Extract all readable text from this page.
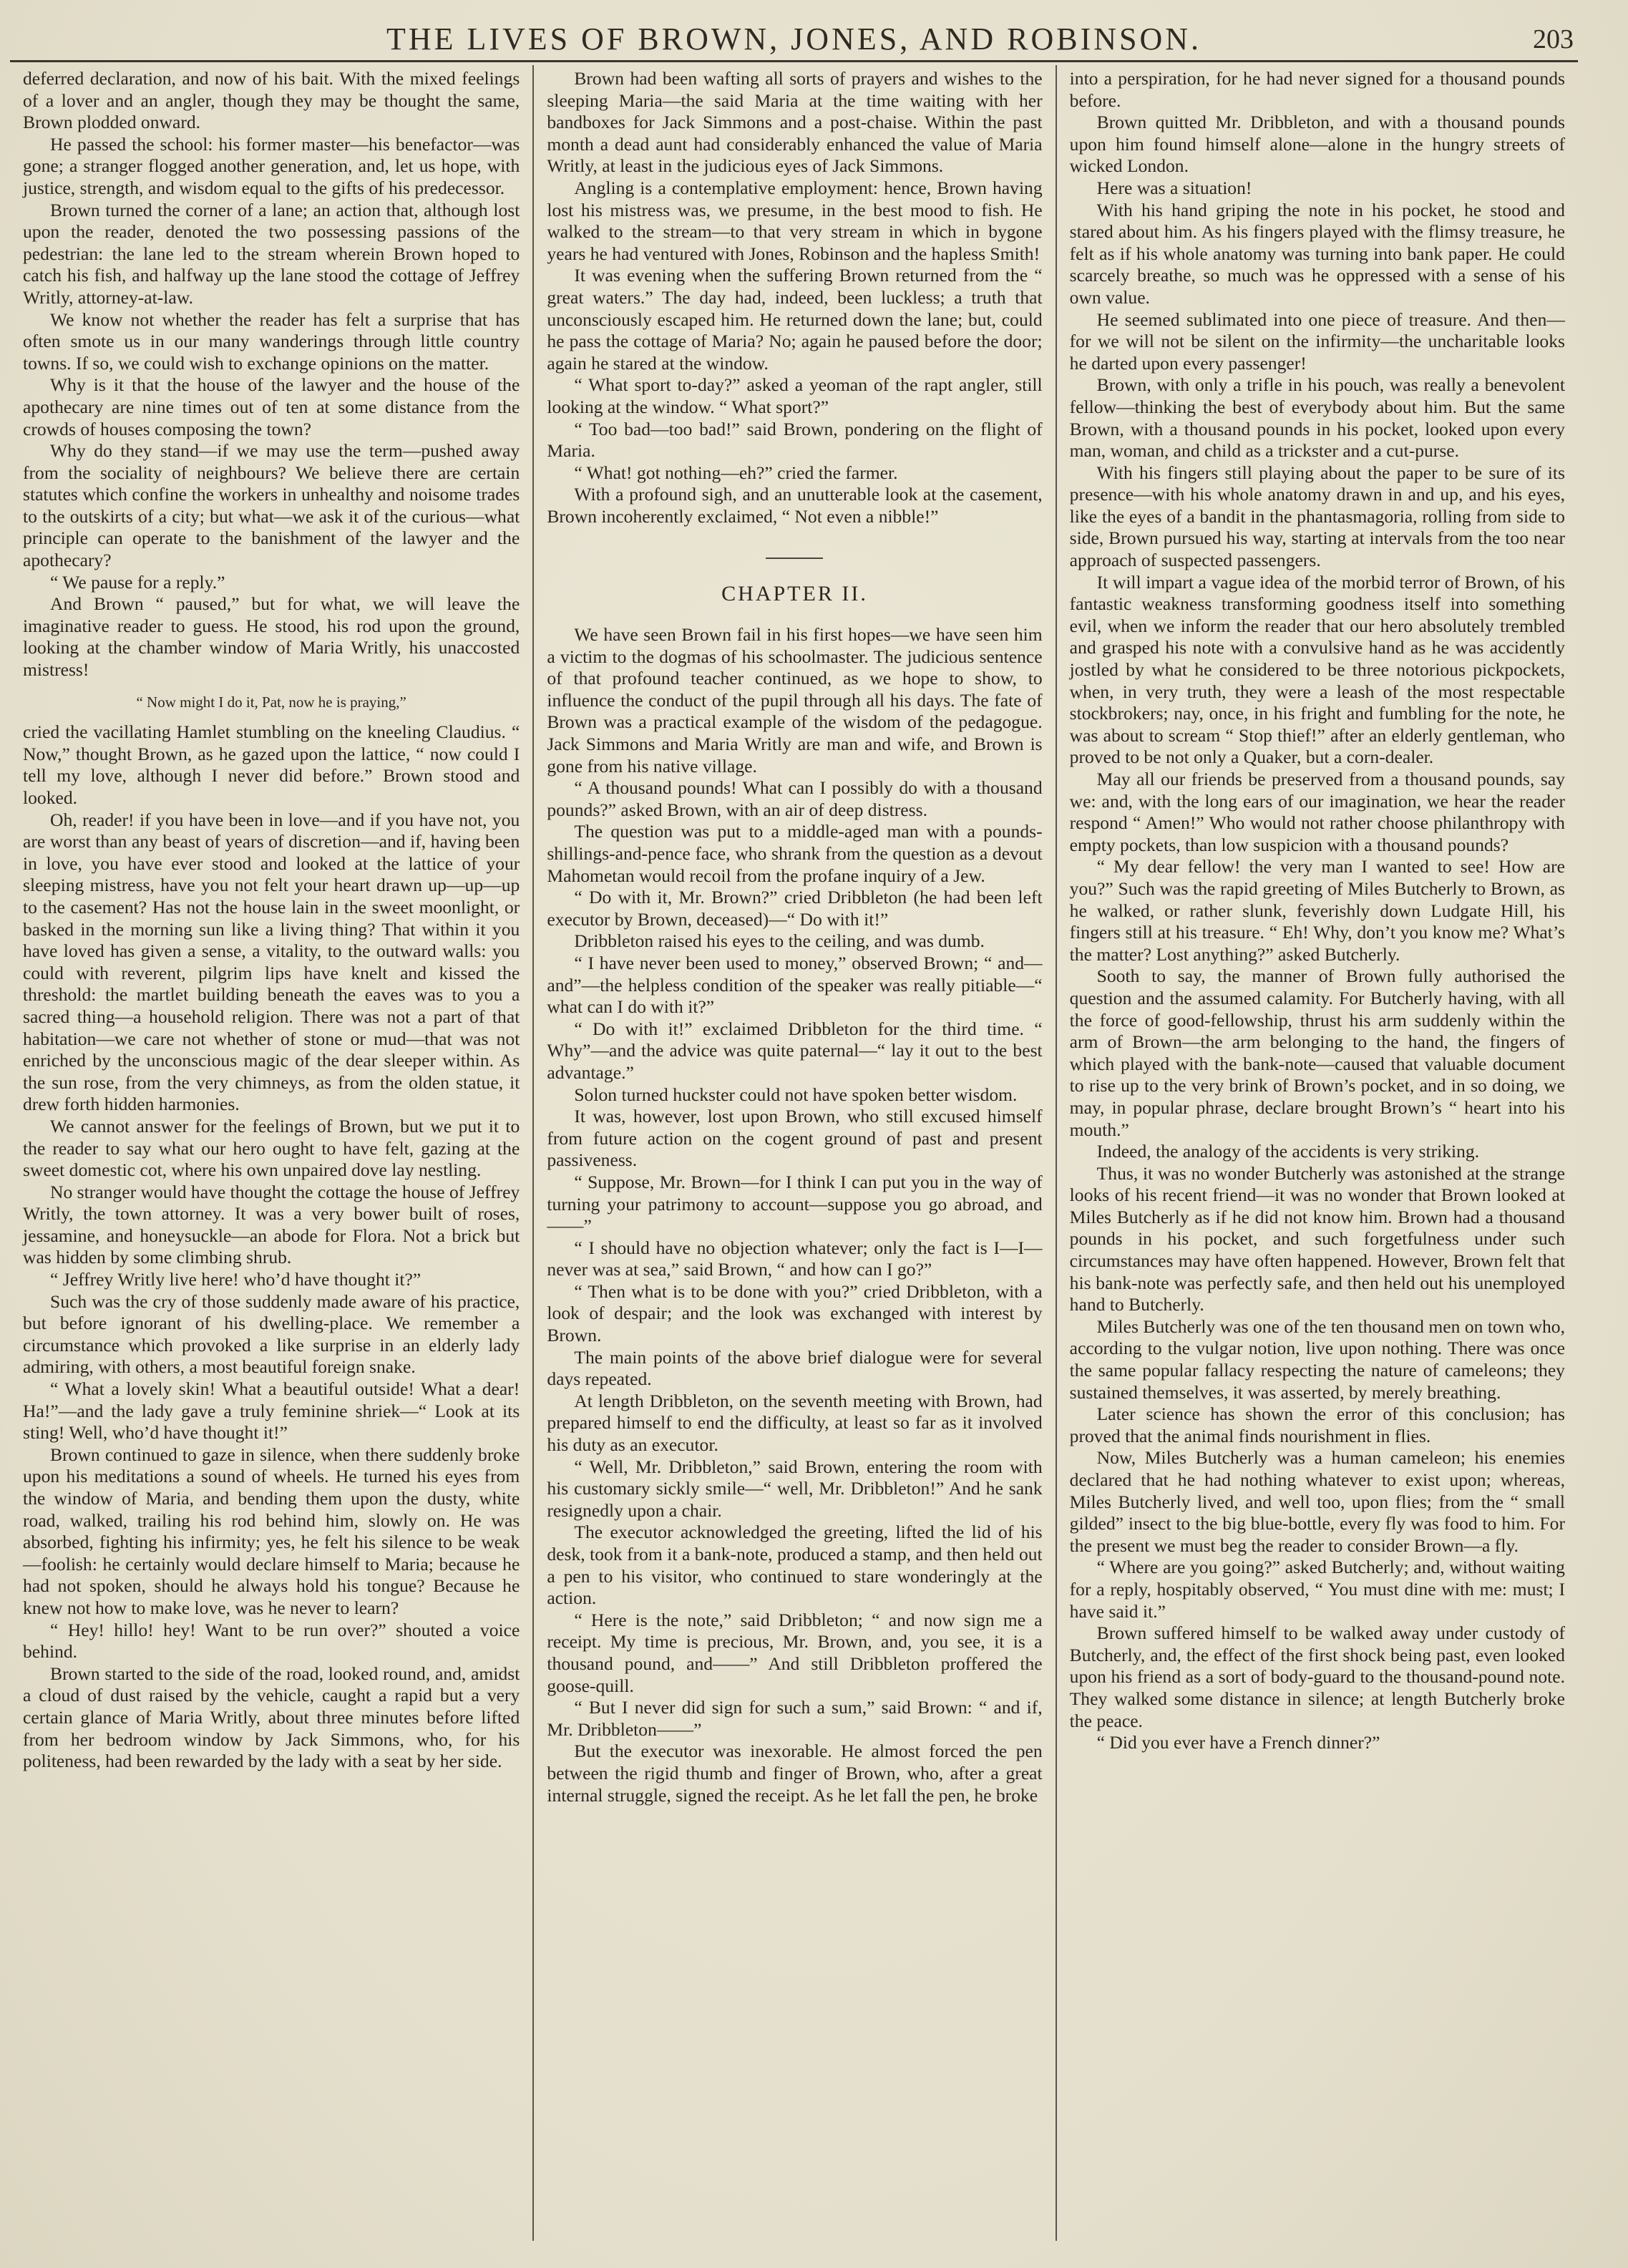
THE LIVES OF BROWN, JONES, AND ROBINSON.	203

deferred declaration, and now of his bait. With the mixed feelings of a lover and an angler, though they may be thought the same, Brown plodded onward.

He passed the school: his former master—his benefactor—was gone; a stranger flogged another generation, and, let us hope, with justice, strength, and wisdom equal to the gifts of his predecessor.

Brown turned the corner of a lane; an action that, although lost upon the reader, denoted the two possessing passions of the pedestrian: the lane led to the stream wherein Brown hoped to catch his fish, and halfway up the lane stood the cottage of Jeffrey Writly, attorney-at-law.

We know not whether the reader has felt a surprise that has often smote us in our many wanderings through little country towns. If so, we could wish to exchange opinions on the matter.

Why is it that the house of the lawyer and the house of the apothecary are nine times out of ten at some distance from the crowds of houses composing the town?

Why do they stand—if we may use the term—pushed away from the sociality of neighbours? We believe there are certain statutes which confine the workers in unhealthy and noisome trades to the outskirts of a city; but what—we ask it of the curious—what principle can operate to the banishment of the lawyer and the apothecary?

“ We pause for a reply.”

And Brown “ paused,” but for what, we will leave the imaginative reader to guess. He stood, his rod upon the ground, looking at the chamber window of Maria Writly, his unaccosted mistress!

“ Now might I do it, Pat, now he is praying,”

cried the vacillating Hamlet stumbling on the kneeling Claudius. “ Now,” thought Brown, as he gazed upon the lattice, “ now could I tell my love, although I never did before.” Brown stood and looked.

Oh, reader! if you have been in love—and if you have not, you are worst than any beast of years of discretion—and if, having been in love, you have ever stood and looked at the lattice of your sleeping mistress, have you not felt your heart drawn up—up—up to the casement? Has not the house lain in the sweet moonlight, or basked in the morning sun like a living thing? That within it you have loved has given a sense, a vitality, to the outward walls: you could with reverent, pilgrim lips have knelt and kissed the threshold: the martlet building beneath the eaves was to you a sacred thing—a household religion. There was not a part of that habitation—we care not whether of stone or mud—that was not enriched by the unconscious magic of the dear sleeper within. As the sun rose, from the very chimneys, as from the olden statue, it drew forth hidden harmonies.

We cannot answer for the feelings of Brown, but we put it to the reader to say what our hero ought to have felt, gazing at the sweet domestic cot, where his own unpaired dove lay nestling.

No stranger would have thought the cottage the house of Jeffrey Writly, the town attorney. It was a very bower built of roses, jessamine, and honeysuckle—an abode for Flora. Not a brick but was hidden by some climbing shrub.

“ Jeffrey Writly live here! who’d have thought it?”

Such was the cry of those suddenly made aware of his practice, but before ignorant of his dwelling-place. We remember a circumstance which provoked a like surprise in an elderly lady admiring, with others, a most beautiful foreign snake.

“ What a lovely skin! What a beautiful outside! What a dear! Ha!”—and the lady gave a truly feminine shriek—“ Look at its sting! Well, who’d have thought it!”

Brown continued to gaze in silence, when there suddenly broke upon his meditations a sound of wheels. He turned his eyes from the window of Maria, and bending them upon the dusty, white road, walked, trailing his rod behind him, slowly on. He was absorbed, fighting his infirmity; yes, he felt his silence to be weak—foolish: he certainly would declare himself to Maria; because he had not spoken, should he always hold his tongue? Because he knew not how to make love, was he never to learn?

“ Hey! hillo! hey! Want to be run over?” shouted a voice behind.

Brown started to the side of the road, looked round, and, amidst a cloud of dust raised by the vehicle, caught a rapid but a very certain glance of Maria Writly, about three minutes before lifted from her bedroom window by Jack Simmons, who, for his politeness, had been rewarded by the lady with a seat by her side.

Brown had been wafting all sorts of prayers and wishes to the sleeping Maria—the said Maria at the time waiting with her bandboxes for Jack Simmons and a post-chaise. Within the past month a dead aunt had considerably enhanced the value of Maria Writly, at least in the judicious eyes of Jack Simmons.

Angling is a contemplative employment: hence, Brown having lost his mistress was, we presume, in the best mood to fish. He walked to the stream—to that very stream in which in bygone years he had ventured with Jones, Robinson and the hapless Smith!

It was evening when the suffering Brown returned from the “ great waters.” The day had, indeed, been luckless; a truth that unconsciously escaped him. He returned down the lane; but, could he pass the cottage of Maria? No; again he paused before the door; again he stared at the window.

“ What sport to-day?” asked a yeoman of the rapt angler, still looking at the window. “ What sport?”

“ Too bad—too bad!” said Brown, pondering on the flight of Maria.

“ What! got nothing—eh?” cried the farmer.

With a profound sigh, and an unutterable look at the casement, Brown incoherently exclaimed, “ Not even a nibble!”

CHAPTER II.

We have seen Brown fail in his first hopes—we have seen him a victim to the dogmas of his schoolmaster. The judicious sentence of that profound teacher continued, as we hope to show, to influence the conduct of the pupil through all his days. The fate of Brown was a practical example of the wisdom of the pedagogue. Jack Simmons and Maria Writly are man and wife, and Brown is gone from his native village.

“ A thousand pounds! What can I possibly do with a thousand pounds?” asked Brown, with an air of deep distress.

The question was put to a middle-aged man with a pounds-shillings-and-pence face, who shrank from the question as a devout Mahometan would recoil from the profane inquiry of a Jew.

“ Do with it, Mr. Brown?” cried Dribbleton (he had been left executor by Brown, deceased)—“ Do with it!”

Dribbleton raised his eyes to the ceiling, and was dumb.

“ I have never been used to money,” observed Brown; “ and—and”—the helpless condition of the speaker was really pitiable—“ what can I do with it?”

“ Do with it!” exclaimed Dribbleton for the third time. “ Why”—and the advice was quite paternal—“ lay it out to the best advantage.”

Solon turned huckster could not have spoken better wisdom.

It was, however, lost upon Brown, who still excused himself from future action on the cogent ground of past and present passiveness.

“ Suppose, Mr. Brown—for I think I can put you in the way of turning your patrimony to account—suppose you go abroad, and——”

“ I should have no objection whatever; only the fact is I—I—never was at sea,” said Brown, “ and how can I go?”

“ Then what is to be done with you?” cried Dribbleton, with a look of despair; and the look was exchanged with interest by Brown.

The main points of the above brief dialogue were for several days repeated.

At length Dribbleton, on the seventh meeting with Brown, had prepared himself to end the difficulty, at least so far as it involved his duty as an executor.

“ Well, Mr. Dribbleton,” said Brown, entering the room with his customary sickly smile—“ well, Mr. Dribbleton!” And he sank resignedly upon a chair.

The executor acknowledged the greeting, lifted the lid of his desk, took from it a bank-note, produced a stamp, and then held out a pen to his visitor, who continued to stare wonderingly at the action.

“ Here is the note,” said Dribbleton; “ and now sign me a receipt. My time is precious, Mr. Brown, and, you see, it is a thousand pound, and——” And still Dribbleton proffered the goose-quill.

“ But I never did sign for such a sum,” said Brown: “ and if, Mr. Dribbleton——”

But the executor was inexorable. He almost forced the pen between the rigid thumb and finger of Brown, who, after a great internal struggle, signed the receipt. As he let fall the pen, he broke

into a perspiration, for he had never signed for a thousand pounds before.

Brown quitted Mr. Dribbleton, and with a thousand pounds upon him found himself alone—alone in the hungry streets of wicked London.

Here was a situation!

With his hand griping the note in his pocket, he stood and stared about him. As his fingers played with the flimsy treasure, he felt as if his whole anatomy was turning into bank paper. He could scarcely breathe, so much was he oppressed with a sense of his own value.

He seemed sublimated into one piece of treasure. And then—for we will not be silent on the infirmity—the uncharitable looks he darted upon every passenger!

Brown, with only a trifle in his pouch, was really a benevolent fellow—thinking the best of everybody about him. But the same Brown, with a thousand pounds in his pocket, looked upon every man, woman, and child as a trickster and a cut-purse.

With his fingers still playing about the paper to be sure of its presence—with his whole anatomy drawn in and up, and his eyes, like the eyes of a bandit in the phantasmagoria, rolling from side to side, Brown pursued his way, starting at intervals from the too near approach of suspected passengers.

It will impart a vague idea of the morbid terror of Brown, of his fantastic weakness transforming goodness itself into something evil, when we inform the reader that our hero absolutely trembled and grasped his note with a convulsive hand as he was accidently jostled by what he considered to be three notorious pickpockets, when, in very truth, they were a leash of the most respectable stockbrokers; nay, once, in his fright and fumbling for the note, he was about to scream “ Stop thief!” after an elderly gentleman, who proved to be not only a Quaker, but a corn-dealer.

May all our friends be preserved from a thousand pounds, say we: and, with the long ears of our imagination, we hear the reader respond “ Amen!” Who would not rather choose philanthropy with empty pockets, than low suspicion with a thousand pounds?

“ My dear fellow! the very man I wanted to see! How are you?” Such was the rapid greeting of Miles Butcherly to Brown, as he walked, or rather slunk, feverishly down Ludgate Hill, his fingers still at his treasure. “ Eh! Why, don’t you know me? What’s the matter? Lost anything?” asked Butcherly.

Sooth to say, the manner of Brown fully authorised the question and the assumed calamity. For Butcherly having, with all the force of good-fellowship, thrust his arm suddenly within the arm of Brown—the arm belonging to the hand, the fingers of which played with the bank-note—caused that valuable document to rise up to the very brink of Brown’s pocket, and in so doing, we may, in popular phrase, declare brought Brown’s “ heart into his mouth.”

Indeed, the analogy of the accidents is very striking.

Thus, it was no wonder Butcherly was astonished at the strange looks of his recent friend—it was no wonder that Brown looked at Miles Butcherly as if he did not know him. Brown had a thousand pounds in his pocket, and such forgetfulness under such circumstances may have often happened. However, Brown felt that his bank-note was perfectly safe, and then held out his unemployed hand to Butcherly.

Miles Butcherly was one of the ten thousand men on town who, according to the vulgar notion, live upon nothing. There was once the same popular fallacy respecting the nature of cameleons; they sustained themselves, it was asserted, by merely breathing.

Later science has shown the error of this conclusion; has proved that the animal finds nourishment in flies.

Now, Miles Butcherly was a human cameleon; his enemies declared that he had nothing whatever to exist upon; whereas, Miles Butcherly lived, and well too, upon flies; from the “ small gilded” insect to the big blue-bottle, every fly was food to him. For the present we must beg the reader to consider Brown—a fly.

“ Where are you going?” asked Butcherly; and, without waiting for a reply, hospitably observed, “ You must dine with me: must; I have said it.”

Brown suffered himself to be walked away under custody of Butcherly, and, the effect of the first shock being past, even looked upon his friend as a sort of body-guard to the thousand-pound note. They walked some distance in silence; at length Butcherly broke the peace.

“ Did you ever have a French dinner?”
